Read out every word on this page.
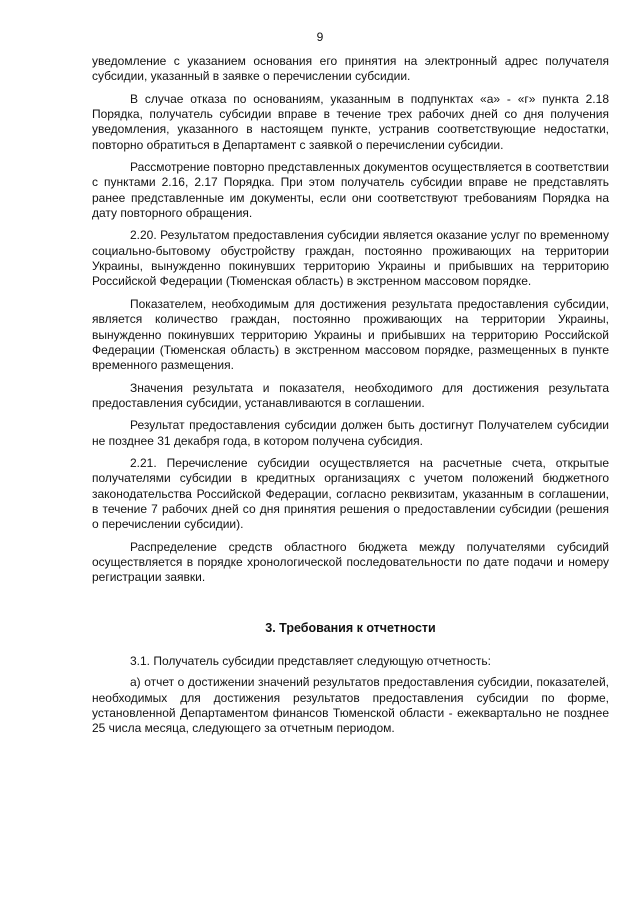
9

уведомление с указанием основания его принятия на электронный адрес получателя субсидии, указанный в заявке о перечислении субсидии.

В случае отказа по основаниям, указанным в подпунктах «а» - «г» пункта 2.18 Порядка, получатель субсидии вправе в течение трех рабочих дней со дня получения уведомления, указанного в настоящем пункте, устранив соответствующие недостатки, повторно обратиться в Департамент с заявкой о перечислении субсидии.

Рассмотрение повторно представленных документов осуществляется в соответствии с пунктами 2.16, 2.17 Порядка. При этом получатель субсидии вправе не представлять ранее представленные им документы, если они соответствуют требованиям Порядка на дату повторного обращения.

2.20. Результатом предоставления субсидии является оказание услуг по временному социально-бытовому обустройству граждан, постоянно проживающих на территории Украины, вынужденно покинувших территорию Украины и прибывших на территорию Российской Федерации (Тюменская область) в экстренном массовом порядке.

Показателем, необходимым для достижения результата предоставления субсидии, является количество граждан, постоянно проживающих на территории Украины, вынужденно покинувших территорию Украины и прибывших на территорию Российской Федерации (Тюменская область) в экстренном массовом порядке, размещенных в пункте временного размещения.

Значения результата и показателя, необходимого для достижения результата предоставления субсидии, устанавливаются в соглашении.

Результат предоставления субсидии должен быть достигнут Получателем субсидии не позднее 31 декабря года, в котором получена субсидия.

2.21. Перечисление субсидии осуществляется на расчетные счета, открытые получателями субсидии в кредитных организациях с учетом положений бюджетного законодательства Российской Федерации, согласно реквизитам, указанным в соглашении, в течение 7 рабочих дней со дня принятия решения о предоставлении субсидии (решения о перечислении субсидии).

Распределение средств областного бюджета между получателями субсидий осуществляется в порядке хронологической последовательности по дате подачи и номеру регистрации заявки.

3. Требования к отчетности

3.1. Получатель субсидии представляет следующую отчетность:

а) отчет о достижении значений результатов предоставления субсидии, показателей, необходимых для достижения результатов предоставления субсидии по форме, установленной Департаментом финансов Тюменской области - ежеквартально не позднее 25 числа месяца, следующего за отчетным периодом.
